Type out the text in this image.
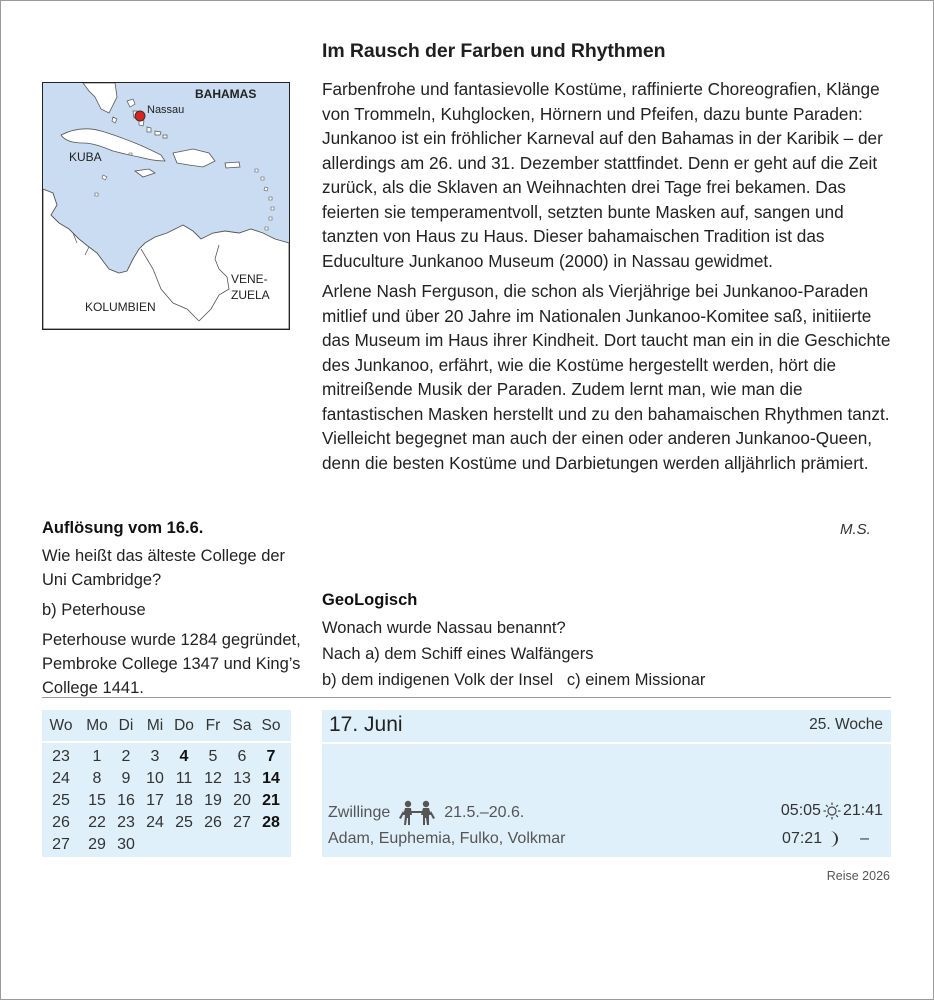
BAHAMAS
Nassau
KUBA
KOLUMBIEN
VENE-
ZUELA
Im Rausch der Farben und Rhythmen

Farbenfrohe und fantasievolle Kostüme, raffinierte Choreografien, Klänge von Trommeln, Kuhglocken, Hörnern und Pfeifen, dazu bunte Paraden: Junkanoo ist ein fröhlicher Karneval auf den Bahamas in der Karibik – der allerdings am 26. und 31. Dezember stattfindet. Denn er geht auf die Zeit zurück, als die Sklaven an Weihnachten drei Tage frei bekamen. Das feierten sie temperamentvoll, setzten bunte Masken auf, sangen und tanzten von Haus zu Haus. Dieser bahamaischen Tradition ist das Educulture Junkanoo Museum (2000) in Nassau gewidmet.

Arlene Nash Ferguson, die schon als Vierjährige bei Junkanoo-Paraden mitlief und über 20 Jahre im Nationalen Junkanoo-Komitee saß, initiierte das Museum im Haus ihrer Kindheit. Dort taucht man ein in die Geschichte des Junkanoo, erfährt, wie die Kostüme hergestellt werden, hört die mitreißende Musik der Paraden. Zudem lernt man, wie man die fantastischen Masken herstellt und zu den bahamaischen Rhythmen tanzt. Vielleicht begegnet man auch der einen oder anderen Junkanoo-Queen, denn die besten Kostüme und Darbietungen werden alljährlich prämiert.

M.S.
Auflösung vom 16.6.

Wie heißt das älteste College der Uni Cambridge?

b) Peterhouse

Peterhouse wurde 1284 gegründet, Pembroke College 1347 und King’s College 1441.

GeoLogisch

Wonach wurde Nassau benannt?

Nach a) dem Schiff eines Walfängers

b) dem indigenen Volk der Insel c) einem Missionar

Wo Mo Di Mi Do Fr Sa So
23	1	2	3	4	5	6	7
24	8	9 10 11 12 13 14
25 15 16 17 18 19 20 21
26 22 23 24 25 26 27 28
27 29 30
17. Juni	25. Woche
Zwillinge	21.5.–20.6.
Adam, Euphemia, Fulko, Volkmar
05:05 21:41
07:21 –
Reise 2026
